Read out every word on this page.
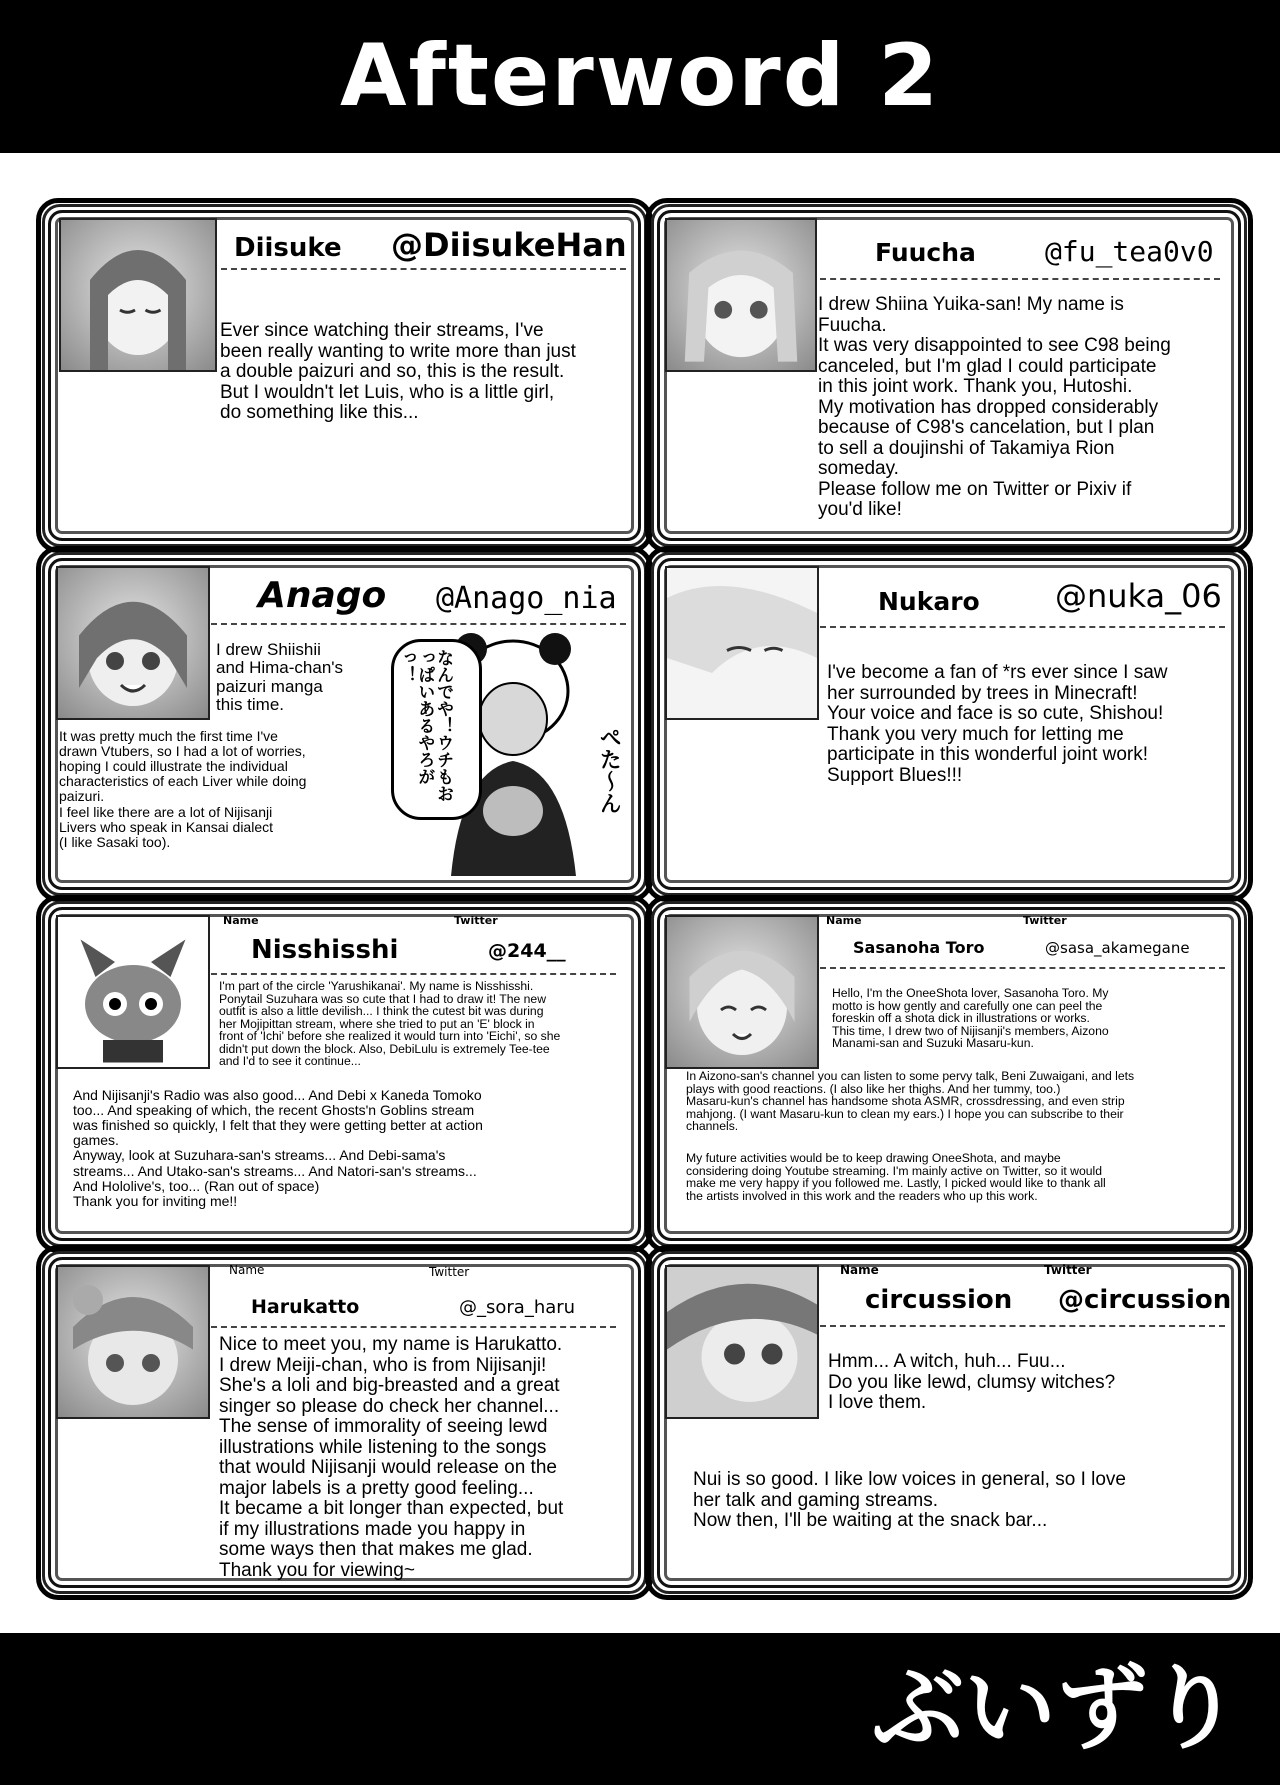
Afterword 2
ぶいずり
Diisuke @DiisukeHan
Ever since watching their streams, I've
been really wanting to write more than just
a double paizuri and so, this is the result.
But I wouldn't let Luis, who is a little girl,
do something like this...
Fuucha @fu_tea0v0
I drew Shiina Yuika-san! My name is
Fuucha.
It was very disappointed to see C98 being
canceled, but I'm glad I could participate
in this joint work. Thank you, Hutoshi.
My motivation has dropped considerably
because of C98's cancelation, but I plan
to sell a doujinshi of Takamiya Rion
someday.
Please follow me on Twitter or Pixiv if
you'd like!
Anago @Anago_nia
I drew Shiishii
and Hima-chan's
paizuri manga
this time.
It was pretty much the first time I've
drawn Vtubers, so I had a lot of worries,
hoping I could illustrate the individual
characteristics of each Liver while doing
paizuri.
I feel like there are a lot of Nijisanji
Livers who speak in Kansai dialect
(I like Sasaki too).
なんでや！ウチもおっぱいあるやろがっ！
ぺた〜ん
Nukaro @nuka_06
I've become a fan of *rs ever since I saw
her surrounded by trees in Minecraft!
Your voice and face is so cute, Shishou!
Thank you very much for letting me
participate in this wonderful joint work!
Support Blues!!!
Name	Twitter
Nisshisshi	@244__
I'm part of the circle 'Yarushikanai'. My name is Nisshisshi.
Ponytail Suzuhara was so cute that I had to draw it! The new
outfit is also a little devilish... I think the cutest bit was during
her Mojipittan stream, where she tried to put an 'E' block in
front of 'Ichi' before she realized it would turn into 'Eichi', so she
didn't put down the block. Also, DebiLulu is extremely Tee-tee
and I'd to see it continue...
And Nijisanji's Radio was also good... And Debi x Kaneda Tomoko
too... And speaking of which, the recent Ghosts'n Goblins stream
was finished so quickly, I felt that they were getting better at action
games.
Anyway, look at Suzuhara-san's streams... And Debi-sama's
streams... And Utako-san's streams... And Natori-san's streams...
And Hololive's, too... (Ran out of space)
Thank you for inviting me!!
Name	Twitter
Sasanoha Toro	@sasa_akamegane
Hello, I'm the OneeShota lover, Sasanoha Toro. My
motto is how gently and carefully one can peel the
foreskin off a shota dick in illustrations or works.
This time, I drew two of Nijisanji's members, Aizono
Manami-san and Suzuki Masaru-kun.
In Aizono-san's channel you can listen to some pervy talk, Beni Zuwaigani, and lets
plays with good reactions. (I also like her thighs. And her tummy, too.)
Masaru-kun's channel has handsome shota ASMR, crossdressing, and even strip
mahjong. (I want Masaru-kun to clean my ears.) I hope you can subscribe to their
channels.
My future activities would be to keep drawing OneeShota, and maybe
considering doing Youtube streaming. I'm mainly active on Twitter, so it would
make me very happy if you followed me. Lastly, I picked would like to thank all
the artists involved in this work and the readers who up this work.
Name	Twitter
Harukatto	@_sora_haru
Nice to meet you, my name is Harukatto.
I drew Meiji-chan, who is from Nijisanji!
She's a loli and big-breasted and a great
singer so please do check her channel...
The sense of immorality of seeing lewd
illustrations while listening to the songs
that would Nijisanji would release on the
major labels is a pretty good feeling...
It became a bit longer than expected, but
if my illustrations made you happy in
some ways then that makes me glad.
Thank you for viewing~
Name	Twitter
circussion @circussion
Hmm... A witch, huh... Fuu...
Do you like lewd, clumsy witches?
I love them.
Nui is so good. I like low voices in general, so I love
her talk and gaming streams.
Now then, I'll be waiting at the snack bar...
